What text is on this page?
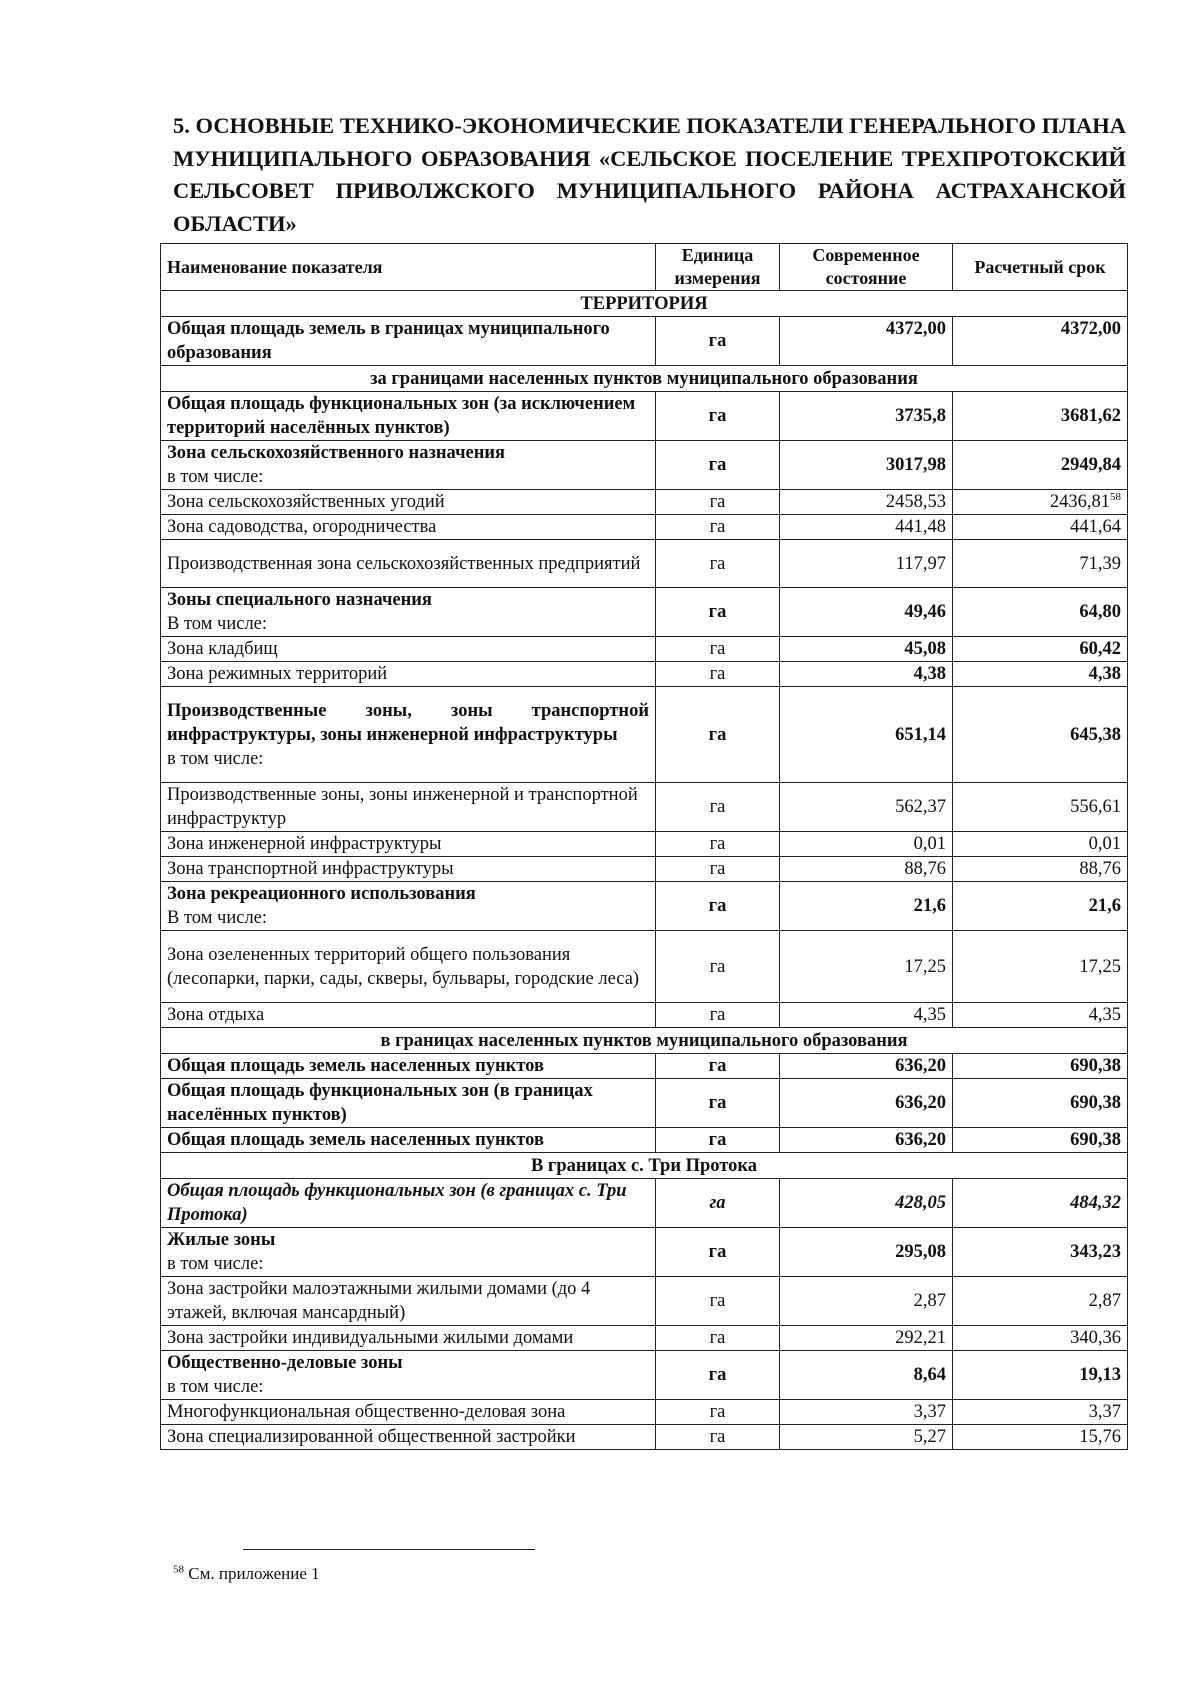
5. ОСНОВНЫЕ ТЕХНИКО-ЭКОНОМИЧЕСКИЕ ПОКАЗАТЕЛИ ГЕНЕРАЛЬНОГО ПЛАНА МУНИЦИПАЛЬНОГО ОБРАЗОВАНИЯ «СЕЛЬСКОЕ ПОСЕЛЕНИЕ ТРЕХПРОТОКСКИЙ СЕЛЬСОВЕТ ПРИВОЛЖСКОГО МУНИЦИПАЛЬНОГО РАЙОНА АСТРАХАНСКОЙ ОБЛАСТИ»
Наименование показателя	Единица измерения	Современное состояние	Расчетный срок
ТЕРРИТОРИЯ			
Общая площадь земель в границах муниципального образования	га	4372,00	4372,00
за границами населенных пунктов муниципального образования			
Общая площадь функциональных зон (за исключением территорий населённых пунктов)	га	3735,8	3681,62
Зона сельскохозяйственного назначения
в том числе:	га	3017,98	2949,84
Зона сельскохозяйственных угодий	га	2458,53	2436,81$^{58}$
Зона садоводства, огородничества	га	441,48	441,64
Производственная зона сельскохозяйственных предприятий	га	117,97	71,39
Зоны специального назначения
В том числе:	га	49,46	64,80
Зона кладбищ	га	45,08	60,42
Зона режимных территорий	га	4,38	4,38
Производственные зоны, зоны транспортной инфраструктуры, зоны инженерной инфраструктуры
в том числе:	га	651,14	645,38
Производственные зоны, зоны инженерной и транспортной инфраструктур	га	562,37	556,61
Зона инженерной инфраструктуры	га	0,01	0,01
Зона транспортной инфраструктуры	га	88,76	88,76
Зона рекреационного использования
В том числе:	га	21,6	21,6
Зона озелененных территорий общего пользования (лесопарки, парки, сады, скверы, бульвары, городские леса)	га	17,25	17,25
Зона отдыха	га	4,35	4,35
в границах населенных пунктов муниципального образования			
Общая площадь земель населенных пунктов	га	636,20	690,38
Общая площадь функциональных зон (в границах населённых пунктов)	га	636,20	690,38
Общая площадь земель населенных пунктов	га	636,20	690,38
В границах с. Три Протока			
Общая площадь функциональных зон (в границах с. Три Протока)	га	428,05	484,32
Жилые зоны
в том числе:	га	295,08	343,23
Зона застройки малоэтажными жилыми домами (до 4 этажей, включая мансардный)	га	2,87	2,87
Зона застройки индивидуальными жилыми домами	га	292,21	340,36
Общественно-деловые зоны
в том числе:	га	8,64	19,13
Многофункциональная общественно-деловая зона	га	3,37	3,37
Зона специализированной общественной застройки	га	5,27	15,76
$^{58}$ См. приложение 1
